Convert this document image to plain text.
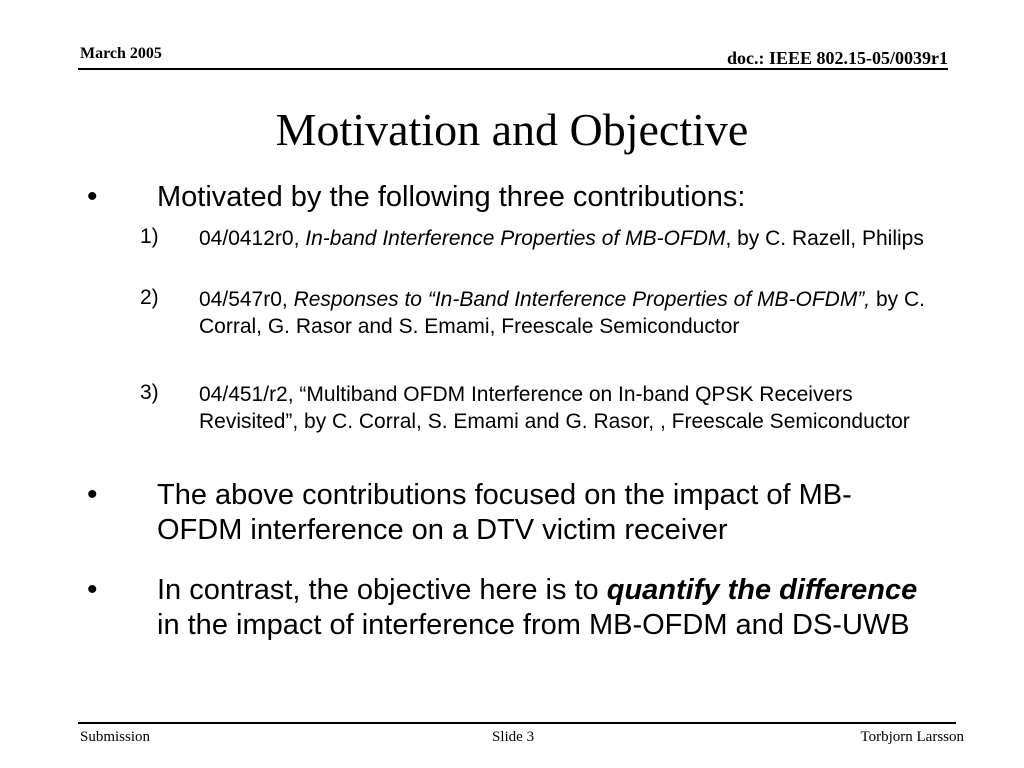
March 2005	doc.: IEEE 802.15-05/0039r1
Motivation and Objective
• Motivated by the following three contributions:
1) 04/0412r0, In-band Interference Properties of MB-OFDM, by C. Razell, Philips
2) 04/547r0, Responses to “In-Band Interference Properties of MB-OFDM”, by C. Corral, G. Rasor and S. Emami, Freescale Semiconductor
3) 04/451/r2, “Multiband OFDM Interference on In-band QPSK Receivers Revisited”, by C. Corral, S. Emami and G. Rasor, , Freescale Semiconductor
• The above contributions focused on the impact of MB-OFDM interference on a DTV victim receiver
• In contrast, the objective here is to quantify the difference in the impact of interference from MB-OFDM and DS-UWB
Submission	Slide 3	Torbjorn Larsson
